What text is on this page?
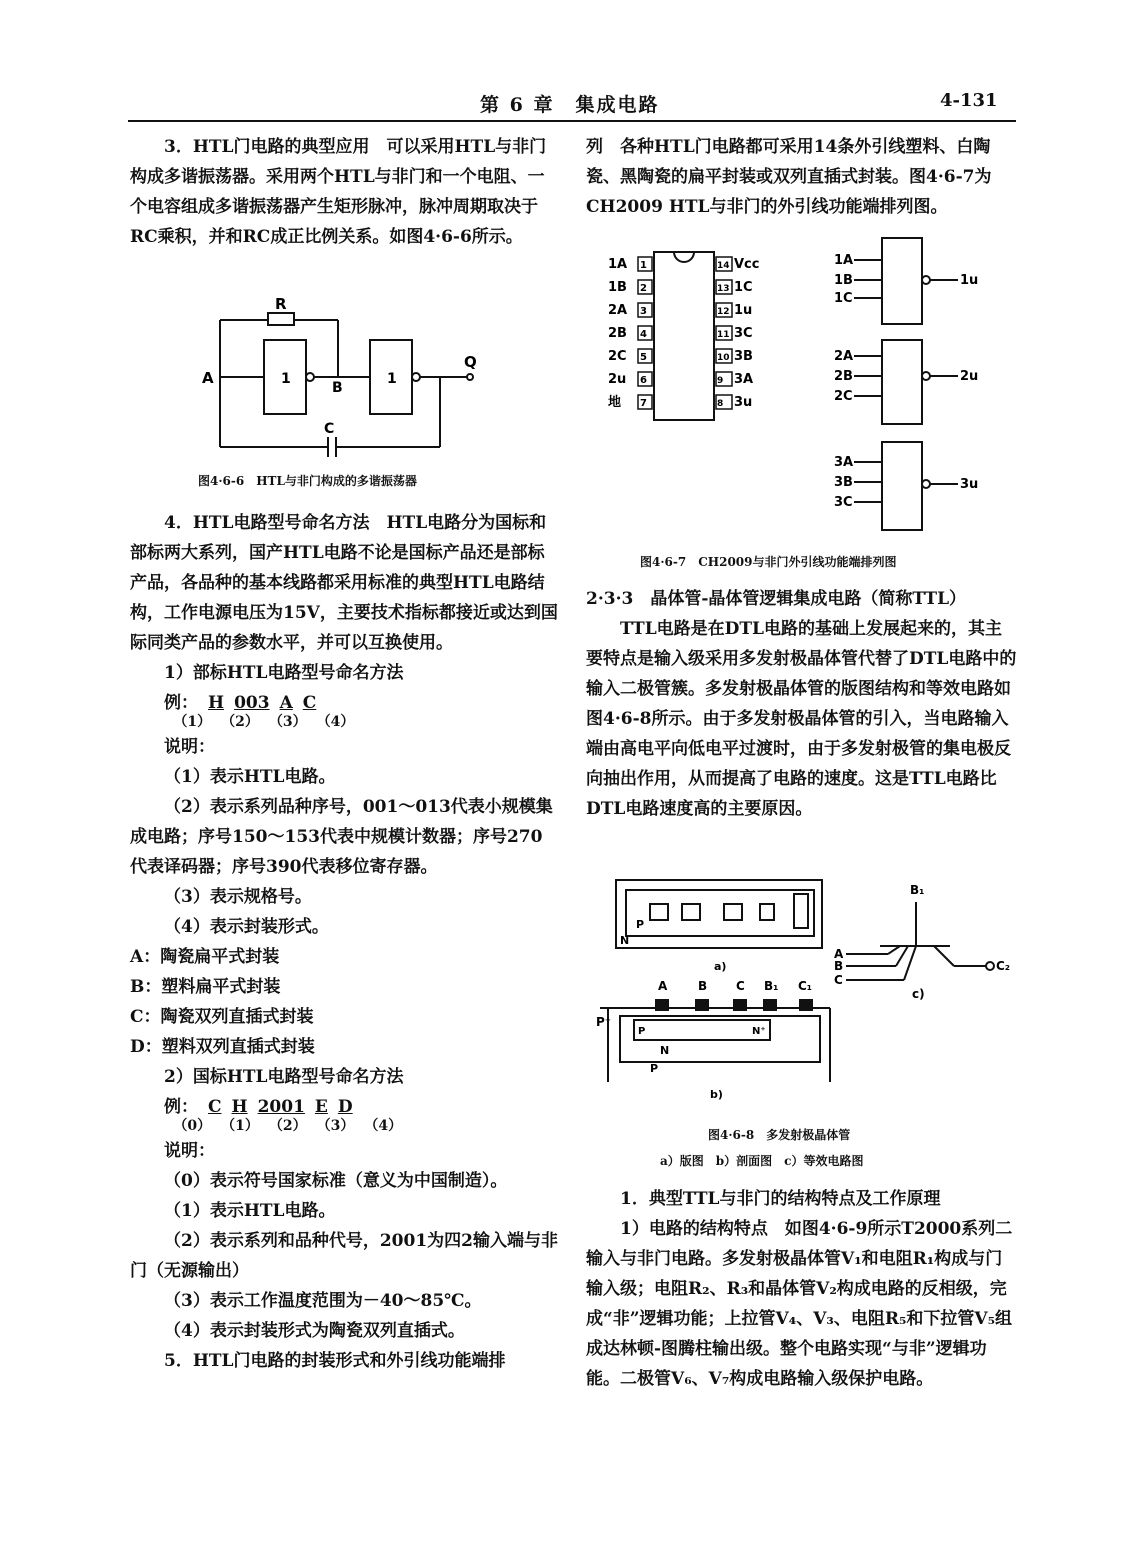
第 6 章　集成电路	4-131

3．HTL门电路的典型应用　可以采用HTL与非门构成多谐振荡器。采用两个HTL与非门和一个电阻、一个电容组成多谐振荡器产生矩形脉冲，脉冲周期取决于RC乘积，并和RC成正比例关系。如图4·6-6所示。

R
A
B
Q
C
1	1
图4·6-6　HTL与非门构成的多谐振荡器

4．HTL电路型号命名方法　HTL电路分为国标和部标两大系列，国产HTL电路不论是国标产品还是部标产品，各品种的基本线路都采用标准的典型HTL电路结构，工作电源电压为15V，主要技术指标都接近或达到国际同类产品的参数水平，并可以互换使用。

1）部标HTL电路型号命名方法

例： H 003 A C
（1） （2） （3） （4）

说明：

（1）表示HTL电路。

（2）表示系列品种序号，001～013代表小规模集成电路；序号150～153代表中规模计数器；序号270代表译码器；序号390代表移位寄存器。

（3）表示规格号。

（4）表示封装形式。

A：陶瓷扁平式封装

B：塑料扁平式封装

C：陶瓷双列直插式封装

D：塑料双列直插式封装

2）国标HTL电路型号命名方法

例： C H 2001 E D
（0） （1） （2） （3） （4）

说明：

（0）表示符号国家标准（意义为中国制造）。

（1）表示HTL电路。

（2）表示系列和品种代号，2001为四2输入端与非门（无源输出）

（3）表示工作温度范围为－40～85℃。

（4）表示封装形式为陶瓷双列直插式。

5．HTL门电路的封装形式和外引线功能端排

列　各种HTL门电路都可采用14条外引线塑料、白陶瓷、黑陶瓷的扁平封装或双列直插式封装。图4·6-7为CH2009 HTL与非门的外引线功能端排列图。

1
1A
2
1B
3
2A
4
2B
5
2C
6
2u
7
地
14 Vcc
13 1C
12 1u
11 3C
10 3B
9 3A
8 3u
1A
1B
1C
1u
2A
2B
2C
2u
3A
3B
3C
3u
图4·6-7　CH2009与非门外引线功能端排列图

2·3·3　晶体管-晶体管逻辑集成电路（简称TTL）

TTL电路是在DTL电路的基础上发展起来的，其主要特点是输入级采用多发射极晶体管代替了DTL电路中的输入二极管簇。多发射极晶体管的版图结构和等效电路如图4·6-8所示。由于多发射极晶体管的引入，当电路输入端由高电平向低电平过渡时，由于多发射极管的集电极反向抽出作用，从而提高了电路的速度。这是TTL电路比DTL电路速度高的主要原因。

a)
P
N
B₁
A
B
C
C₂
c)
A	B C B₁ C₁
P⁺
P	N⁺
N
P
b)
图4·6-8　多发射极晶体管
a）版图　b）剖面图　c）等效电路图

1．典型TTL与非门的结构特点及工作原理

1）电路的结构特点　如图4·6-9所示T2000系列二输入与非门电路。多发射极晶体管V₁和电阻R₁构成与门输入级；电阻R₂、R₃和晶体管V₂构成电路的反相级，完成“非”逻辑功能；上拉管V₄、V₃、电阻R₅和下拉管V₅组成达林顿-图腾柱输出级。整个电路实现“与非”逻辑功能。二极管V₆、V₇构成电路输入级保护电路。
